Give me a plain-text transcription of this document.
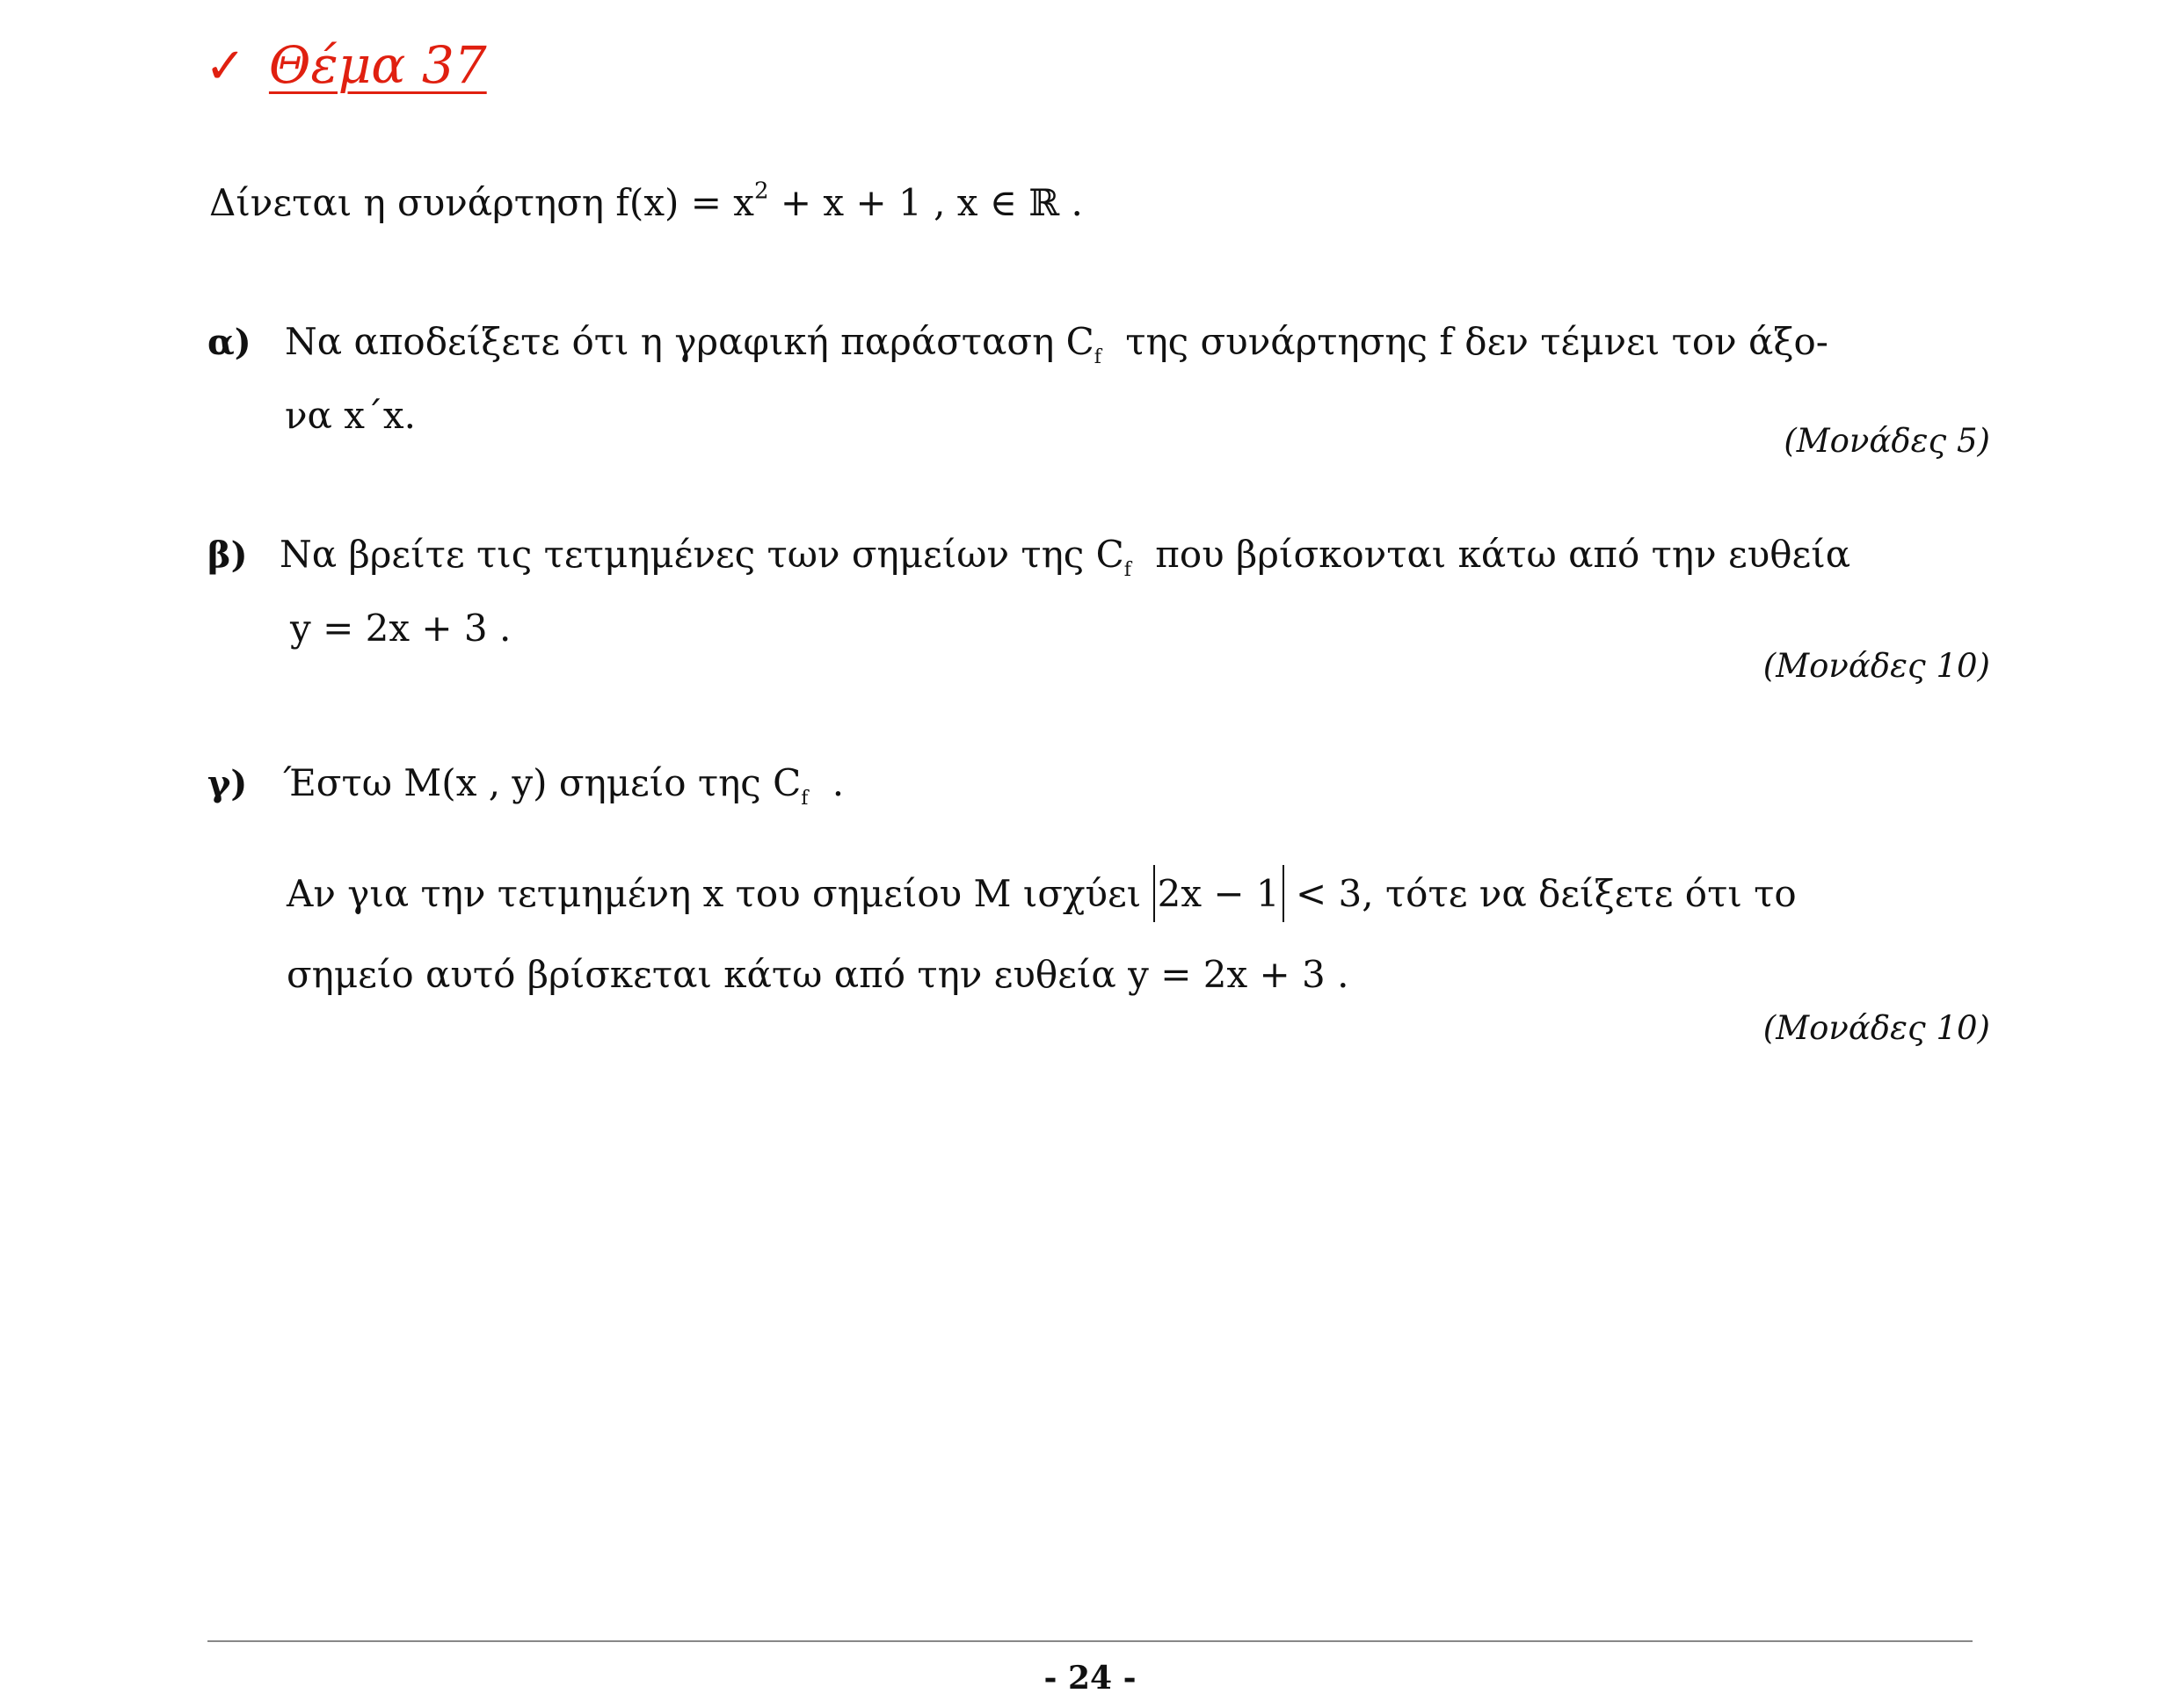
✓ Θέμα 37
Δίνεται η συνάρτηση $f(x) = x^2 + x + 1$ , x ∈ ℝ .
α) Να αποδείξετε ότι η γραφική παράσταση $C_f$ της συνάρτησης f δεν τέμνει τον άξο-
να x΄x.
(Μονάδες 5)
β) Να βρείτε τις τετμημένες των σημείων της $C_f$ που βρίσκονται κάτω από την ευθεία
y = 2x + 3 .
(Μονάδες 10)
γ) Έστω M(x , y) σημείο της $C_f$ .
Αν για την τετμημένη x του σημείου M ισχύει 2x − 1 < 3, τότε να δείξετε ότι το
σημείο αυτό βρίσκεται κάτω από την ευθεία y = 2x + 3 .
(Μονάδες 10)
- 24 -
